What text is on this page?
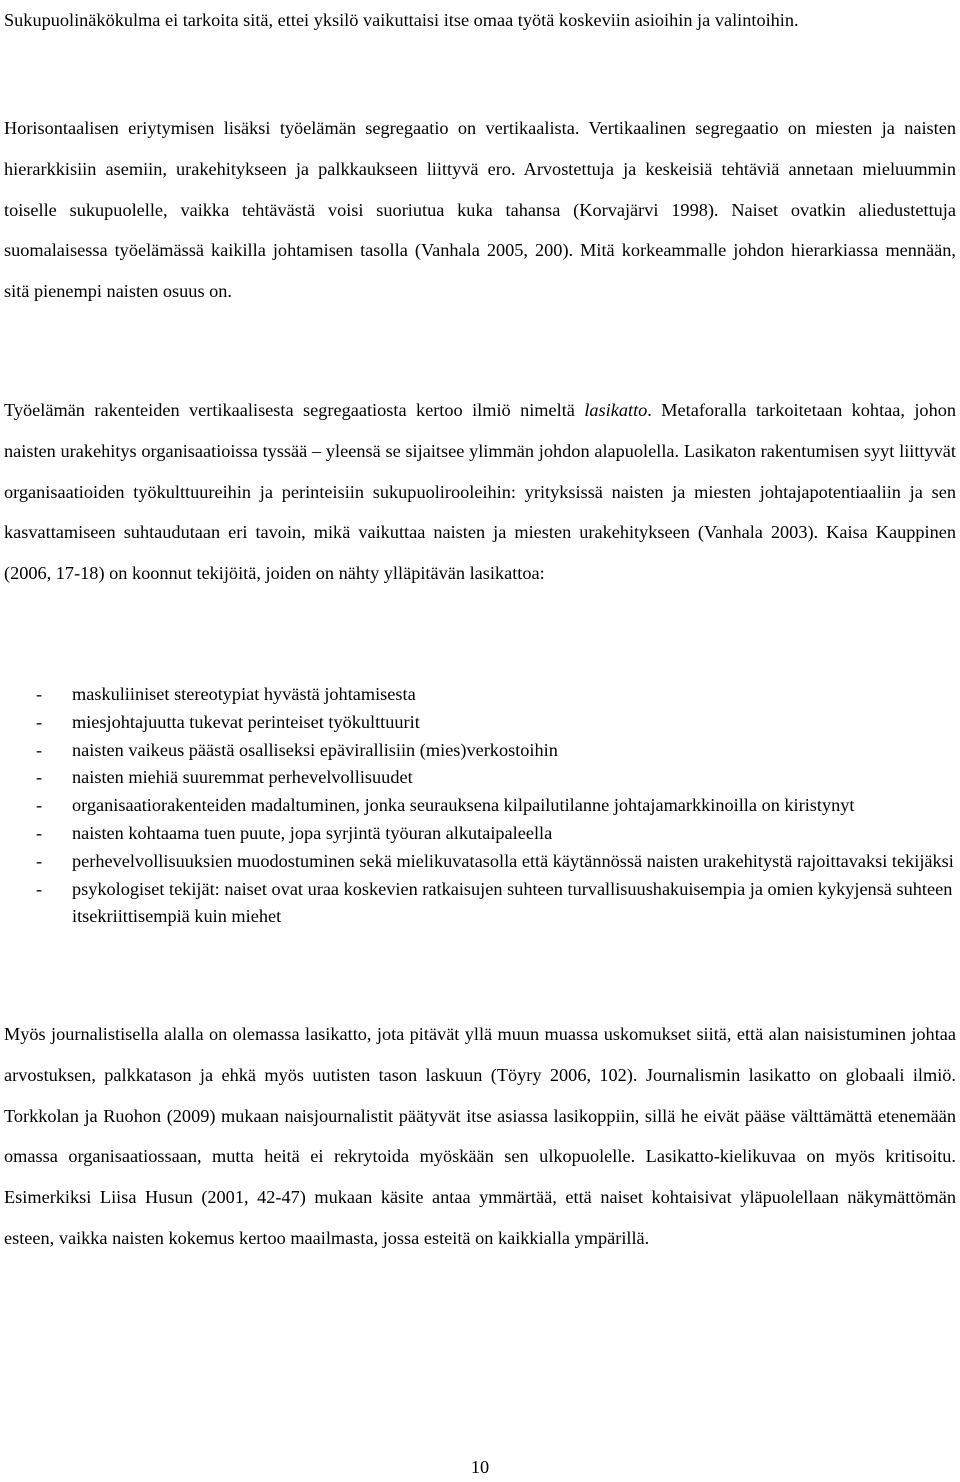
Sukupuolinäkökulma ei tarkoita sitä, ettei yksilö vaikuttaisi itse omaa työtä koskeviin asioihin ja valintoihin.

Horisontaalisen eriytymisen lisäksi työelämän segregaatio on vertikaalista. Vertikaalinen segregaatio on miesten ja naisten hierarkkisiin asemiin, urakehitykseen ja palkkaukseen liittyvä ero. Arvostettuja ja keskeisiä tehtäviä annetaan mieluummin toiselle sukupuolelle, vaikka tehtävästä voisi suoriutua kuka tahansa (Korvajärvi 1998). Naiset ovatkin aliedustettuja suomalaisessa työelämässä kaikilla johtamisen tasolla (Vanhala 2005, 200). Mitä korkeammalle johdon hierarkiassa mennään, sitä pienempi naisten osuus on.

Työelämän rakenteiden vertikaalisesta segregaatiosta kertoo ilmiö nimeltä lasikatto. Metaforalla tarkoitetaan kohtaa, johon naisten urakehitys organisaatioissa tyssää – yleensä se sijaitsee ylimmän johdon alapuolella. Lasikaton rakentumisen syyt liittyvät organisaatioiden työkulttuureihin ja perinteisiin sukupuolirooleihin: yrityksissä naisten ja miesten johtajapotentiaaliin ja sen kasvattamiseen suhtaudutaan eri tavoin, mikä vaikuttaa naisten ja miesten urakehitykseen (Vanhala 2003). Kaisa Kauppinen (2006, 17-18) on koonnut tekijöitä, joiden on nähty ylläpitävän lasikattoa:

- maskuliiniset stereotypiat hyvästä johtamisesta
- miesjohtajuutta tukevat perinteiset työkulttuurit
- naisten vaikeus päästä osalliseksi epävirallisiin (mies)verkostoihin
- naisten miehiä suuremmat perhevelvollisuudet
- organisaatiorakenteiden madaltuminen, jonka seurauksena kilpailutilanne johtajamarkkinoilla on kiristynyt
- naisten kohtaama tuen puute, jopa syrjintä työuran alkutaipaleella
- perhevelvollisuuksien muodostuminen sekä mielikuvatasolla että käytännössä naisten urakehitystä rajoittavaksi tekijäksi
- psykologiset tekijät: naiset ovat uraa koskevien ratkaisujen suhteen turvallisuushakuisempia ja omien kykyjensä suhteen itsekriittisempiä kuin miehet

Myös journalistisella alalla on olemassa lasikatto, jota pitävät yllä muun muassa uskomukset siitä, että alan naisistuminen johtaa arvostuksen, palkkatason ja ehkä myös uutisten tason laskuun (Töyry 2006, 102). Journalismin lasikatto on globaali ilmiö. Torkkolan ja Ruohon (2009) mukaan naisjournalistit päätyvät itse asiassa lasikoppiin, sillä he eivät pääse välttämättä etenemään omassa organisaatiossaan, mutta heitä ei rekrytoida myöskään sen ulkopuolelle. Lasikatto-kielikuvaa on myös kritisoitu. Esimerkiksi Liisa Husun (2001, 42-47) mukaan käsite antaa ymmärtää, että naiset kohtaisivat yläpuolellaan näkymättömän esteen, vaikka naisten kokemus kertoo maailmasta, jossa esteitä on kaikkialla ympärillä.

10
